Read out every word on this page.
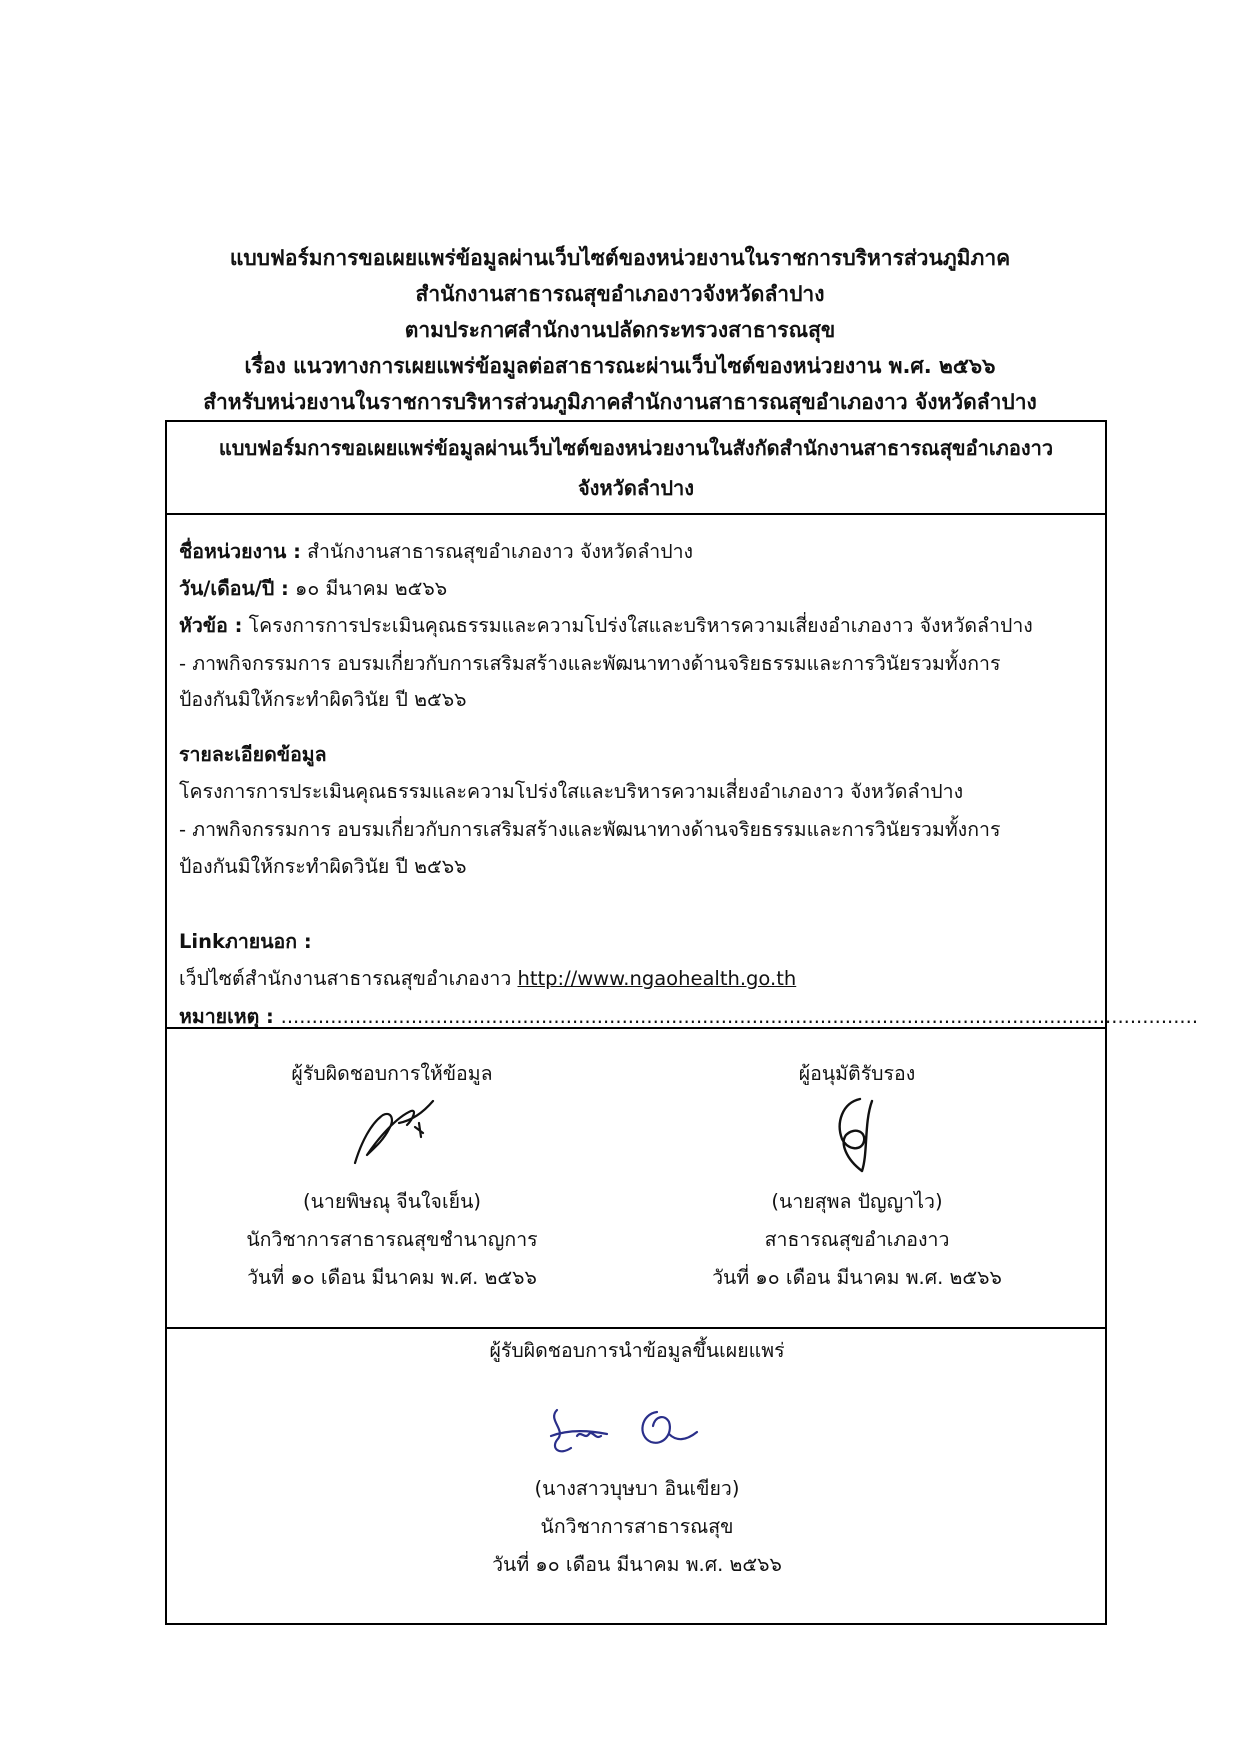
แบบฟอร์มการขอเผยแพร่ข้อมูลผ่านเว็บไซต์ของหน่วยงานในราชการบริหารส่วนภูมิภาค
สำนักงานสาธารณสุขอำเภองาวจังหวัดลำปาง
ตามประกาศสำนักงานปลัดกระทรวงสาธารณสุข
เรื่อง แนวทางการเผยแพร่ข้อมูลต่อสาธารณะผ่านเว็บไซต์ของหน่วยงาน พ.ศ. ๒๕๖๖
สำหรับหน่วยงานในราชการบริหารส่วนภูมิภาคสำนักงานสาธารณสุขอำเภองาว จังหวัดลำปาง
แบบฟอร์มการขอเผยแพร่ข้อมูลผ่านเว็บไซต์ของหน่วยงานในสังกัดสำนักงานสาธารณสุขอำเภองาว
จังหวัดลำปาง
ชื่อหน่วยงาน : สำนักงานสาธารณสุขอำเภองาว จังหวัดลำปาง
วัน/เดือน/ปี : ๑๐ มีนาคม ๒๕๖๖
หัวข้อ : โครงการการประเมินคุณธรรมและความโปร่งใสและบริหารความเสี่ยงอำเภองาว จังหวัดลำปาง
- ภาพกิจกรรมการ อบรมเกี่ยวกับการเสริมสร้างและพัฒนาทางด้านจริยธรรมและการวินัยรวมทั้งการ
ป้องกันมิให้กระทำผิดวินัย ปี ๒๕๖๖
รายละเอียดข้อมูล
โครงการการประเมินคุณธรรมและความโปร่งใสและบริหารความเสี่ยงอำเภองาว จังหวัดลำปาง
- ภาพกิจกรรมการ อบรมเกี่ยวกับการเสริมสร้างและพัฒนาทางด้านจริยธรรมและการวินัยรวมทั้งการ
ป้องกันมิให้กระทำผิดวินัย ปี ๒๕๖๖
Linkภายนอก :
เว็ปไซต์สำนักงานสาธารณสุขอำเภองาว http://www.ngaohealth.go.th
หมายเหตุ : ....................................................................................................................................................
ผู้รับผิดชอบการให้ข้อมูล
(นายพิษณุ จีนใจเย็น)
นักวิชาการสาธารณสุขชำนาญการ
วันที่ ๑๐ เดือน มีนาคม พ.ศ. ๒๕๖๖
ผู้อนุมัติรับรอง
(นายสุพล ปัญญาไว)
สาธารณสุขอำเภองาว
วันที่ ๑๐ เดือน มีนาคม พ.ศ. ๒๕๖๖
ผู้รับผิดชอบการนำข้อมูลขึ้นเผยแพร่
(นางสาวบุษบา อินเขียว)
นักวิชาการสาธารณสุข
วันที่ ๑๐ เดือน มีนาคม พ.ศ. ๒๕๖๖
